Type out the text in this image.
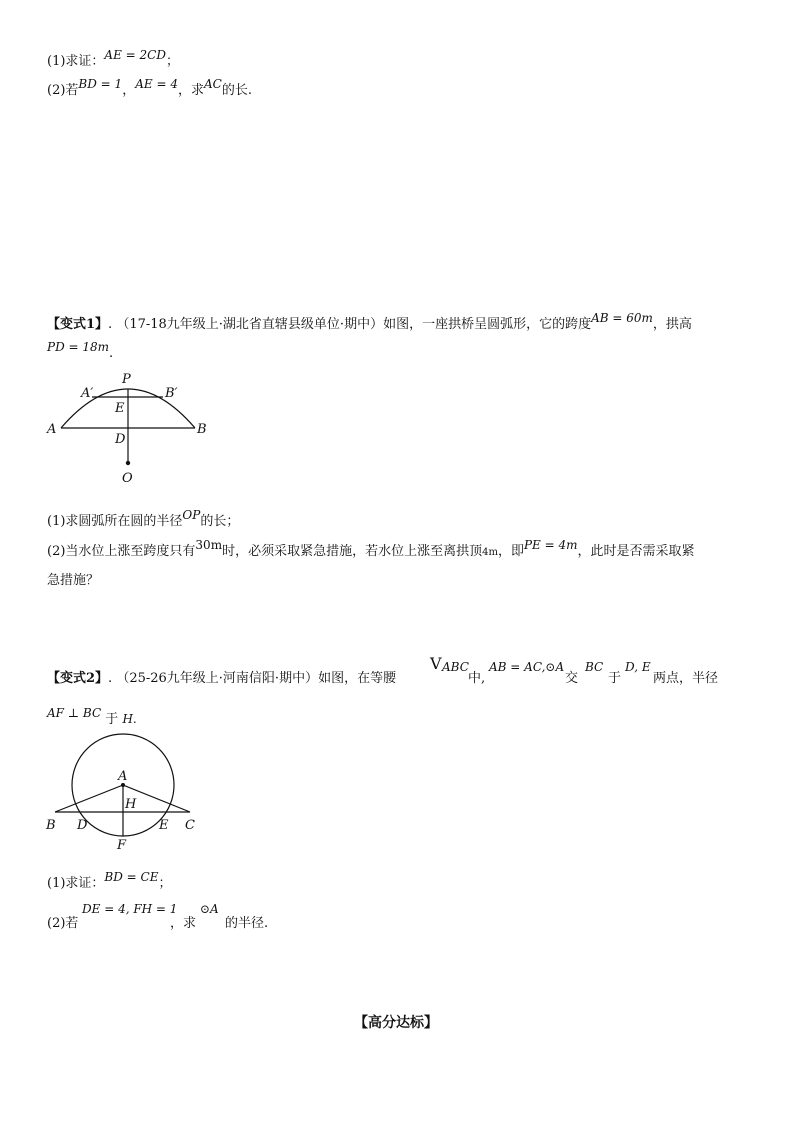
(1)求证：AE = 2CD；
(2)若BD = 1，AE = 4，求AC的长.
【变式1】. （17-18九年级上·湖北省直辖县级单位·期中）如图，一座拱桥呈圆弧形，它的跨度AB = 60m，拱高
PD = 18m.
A′
P
B′
E
A	B
D
O
A
H
B D	E C
F
(1)求圆弧所在圆的半径OP的长；
(2)当水位上涨至跨度只有30m时，必须采取紧急措施，若水位上涨至离拱顶4m，即PE = 4m，此时是否需采取紧
急措施？
【变式2】. （25-26九年级上·河南信阳·期中）如图，在等腰
V ABC
中,
AB = AC,⊙A
交
BC
于
D, E
两点，半径
AF ⊥ BC 于 H.
(1)求证：BD = CE；
(2)若
DE = 4, FH = 1
，求
⊙A
的半径.
【高分达标】
